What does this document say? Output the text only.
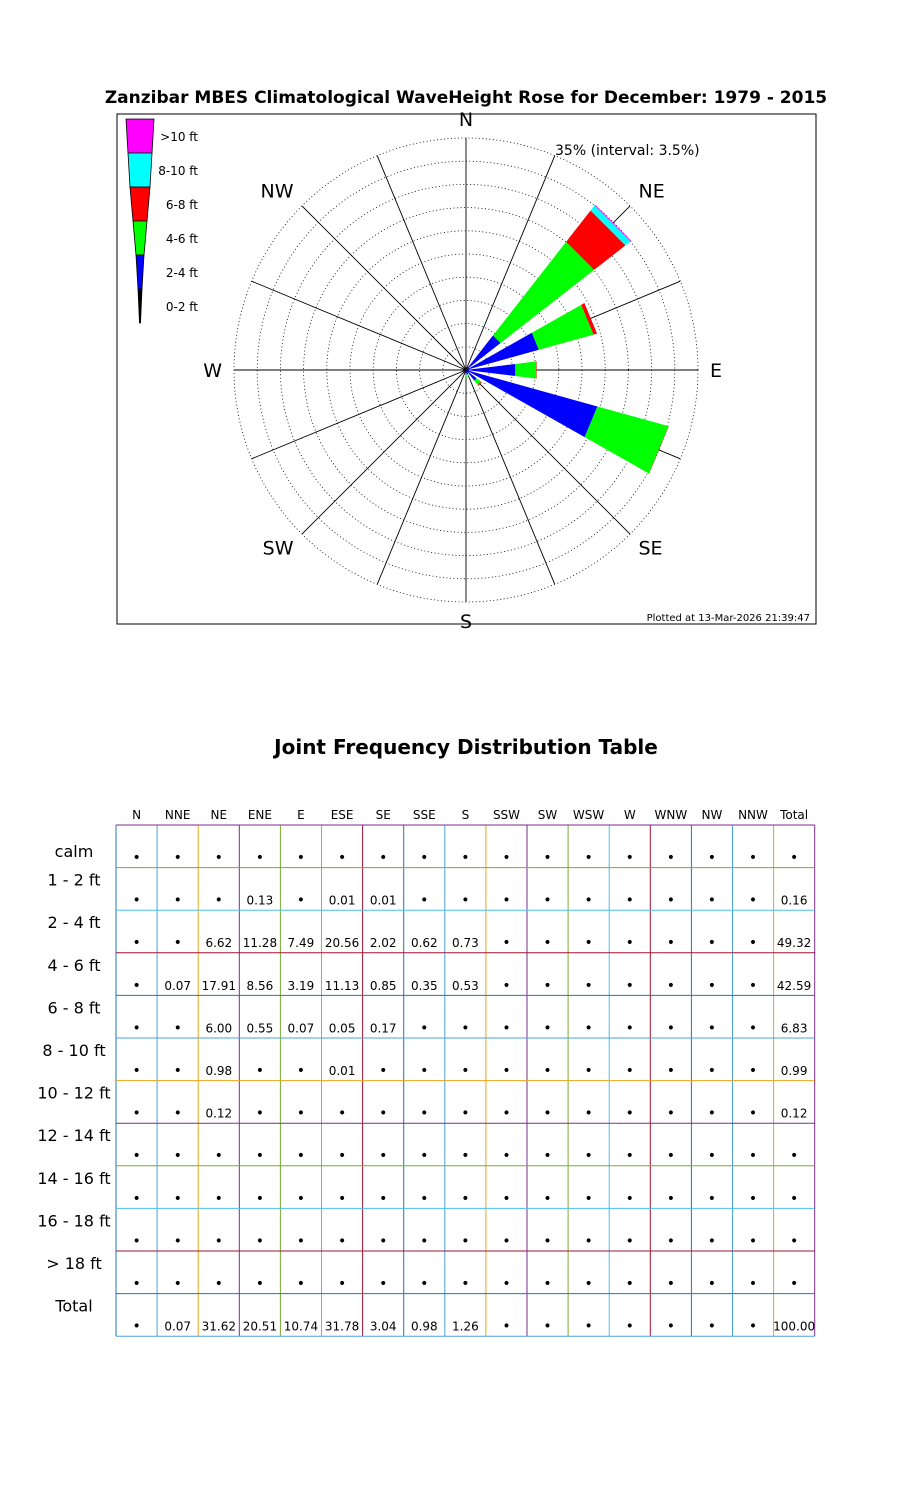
Zanzibar MBES Climatological WaveHeight Rose for December: 1979 - 2015
N
NE
E
SE
S
SW
W
NW
35% (interval: 3.5%)
Plotted at 13-Mar-2026 21:39:47
>10 ft
8-10 ft
6-8 ft
4-6 ft
2-4 ft
0-2 ft
Joint Frequency Distribution Table
N NNE NE ENE E ESE SE SSE S SSW SW WSW W WNW NW NNW Total
calm	• • • • • • • • • • • • • • • • •
1 - 2 ft
• • • 0.13 • 0.01 0.01 • • • • • • • • • 0.16
2 - 4 ft
• • 6.62 11.28 7.49 20.56 2.02 0.62 0.73 • • • • • • • 49.32
4 - 6 ft
• 0.07 17.91 8.56 3.19 11.13 0.85 0.35 0.53 • • • • • • • 42.59
6 - 8 ft
• • 6.00 0.55 0.07 0.05 0.17 • • • • • • • • • 6.83
8 - 10 ft
• • 0.98 • • 0.01 • • • • • • • • • • 0.99
10 - 12 ft
• • 0.12 • • • • • • • • • • • • • 0.12
12 - 14 ft
• • • • • • • • • • • • • • • • •
14 - 16 ft
• • • • • • • • • • • • • • • • •
16 - 18 ft
• • • • • • • • • • • • • • • • •
> 18 ft
• • • • • • • • • • • • • • • • •
Total
• 0.07 31.62 20.51 10.74 31.78 3.04 0.98 1.26 • • • • • • • 100.00
